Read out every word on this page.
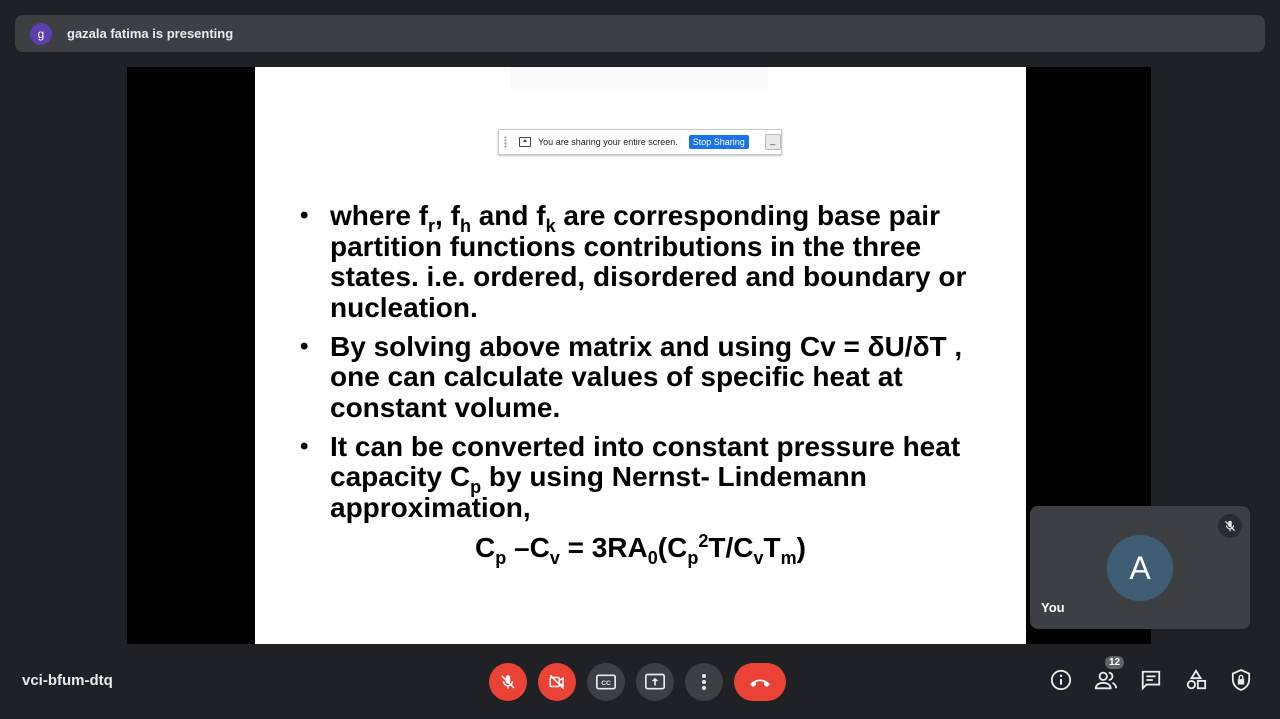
g	gazala fatima is presenting
You are sharing your entire screen.	Stop Sharing	_
• where $f_r$, $f_h$ and $f_k$ are corresponding base pair partition functions contributions in the three states. i.e. ordered, disordered and boundary or nucleation.
• By solving above matrix and using Cv = δU/δT , one can calculate values of specific heat at constant volume.
• It can be converted into constant pressure heat capacity $C_p$ by using Nernst- Lindemann approximation,
$C_p$ $-C_v = 3RA_0(C_p^2T/C_vT_m)$
A
You
vci-bfum-dtq	CC
12
